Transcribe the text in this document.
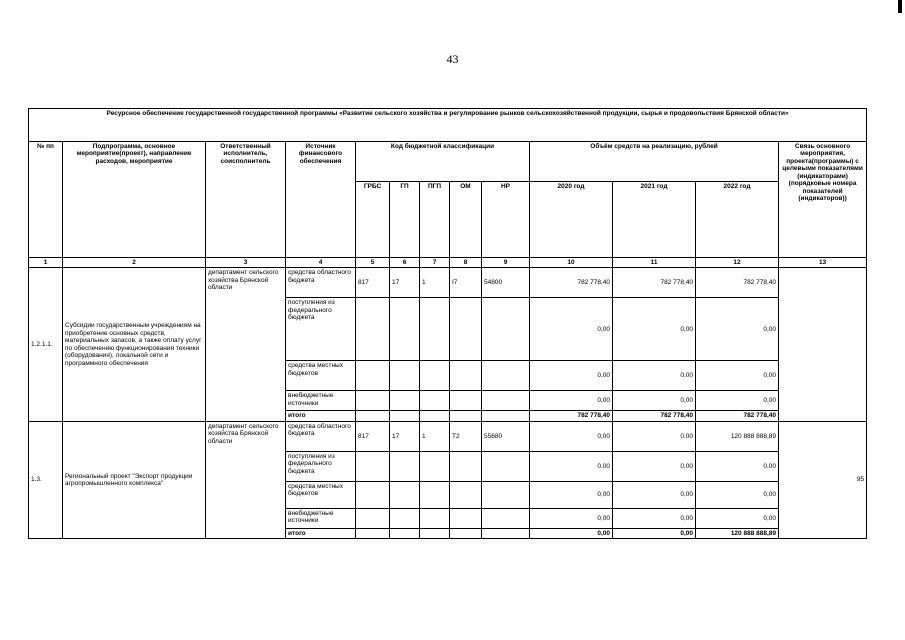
43
Ресурсное обеспечение государственной государственной программы «Развитие сельского хозяйства и регулирование рынков сельскохозяйственной продукции, сырья и продовольствия Брянской области»												
№ пп	Подпрограмма, основное мероприятие(проект), направление расходов, мероприятие	Ответственный исполнитель, соисполнитель	Источник финансового обеспечения	Код бюджетной классификации					Объём средств на реализацию, рублей			Связь основного мероприятия, проекта(программы) с целевыми показателями (индикаторами) (порядковые номера показателей (индикаторов))
				ГРБС	ГП	ПГП	ОМ	НР	2020 год	2021 год	2022 год	
1	2	3	4	5	6	7	8	9	10	11	12	13
1.2.1.1.	Субсидии государственным учреждениям на приобретение основных средств, материальных запасов, а также оплату услуг по обеспечению функционирования техники (оборудования), локальной сети и программного обеспечения	департамент сельского хозяйства Брянской области	средства областного бюджета	817	17	1	I7	54800	782 778,40	782 778,40	782 778,40	
			поступления из федерального бюджета						0,00	0,00	0,00	
			средства местных бюджетов						0,00	0,00	0,00	
			внебюджетные источники						0,00	0,00	0,00	
			итого						782 778,40	782 778,40	782 778,40	
1.3.	Региональный проект "Экспорт продукции агропромышленного комплекса"	департамент сельского хозяйства Брянской области	средства областного бюджета	817	17	1	T2	55680	0,00	0,00	120 888 888,89	95
			поступления из федерального бюджета						0,00	0,00	0,00	
			средства местных бюджетов						0,00	0,00	0,00	
			внебюджетные источники						0,00	0,00	0,00	
			итого						0,00	0,00	120 888 888,89	
